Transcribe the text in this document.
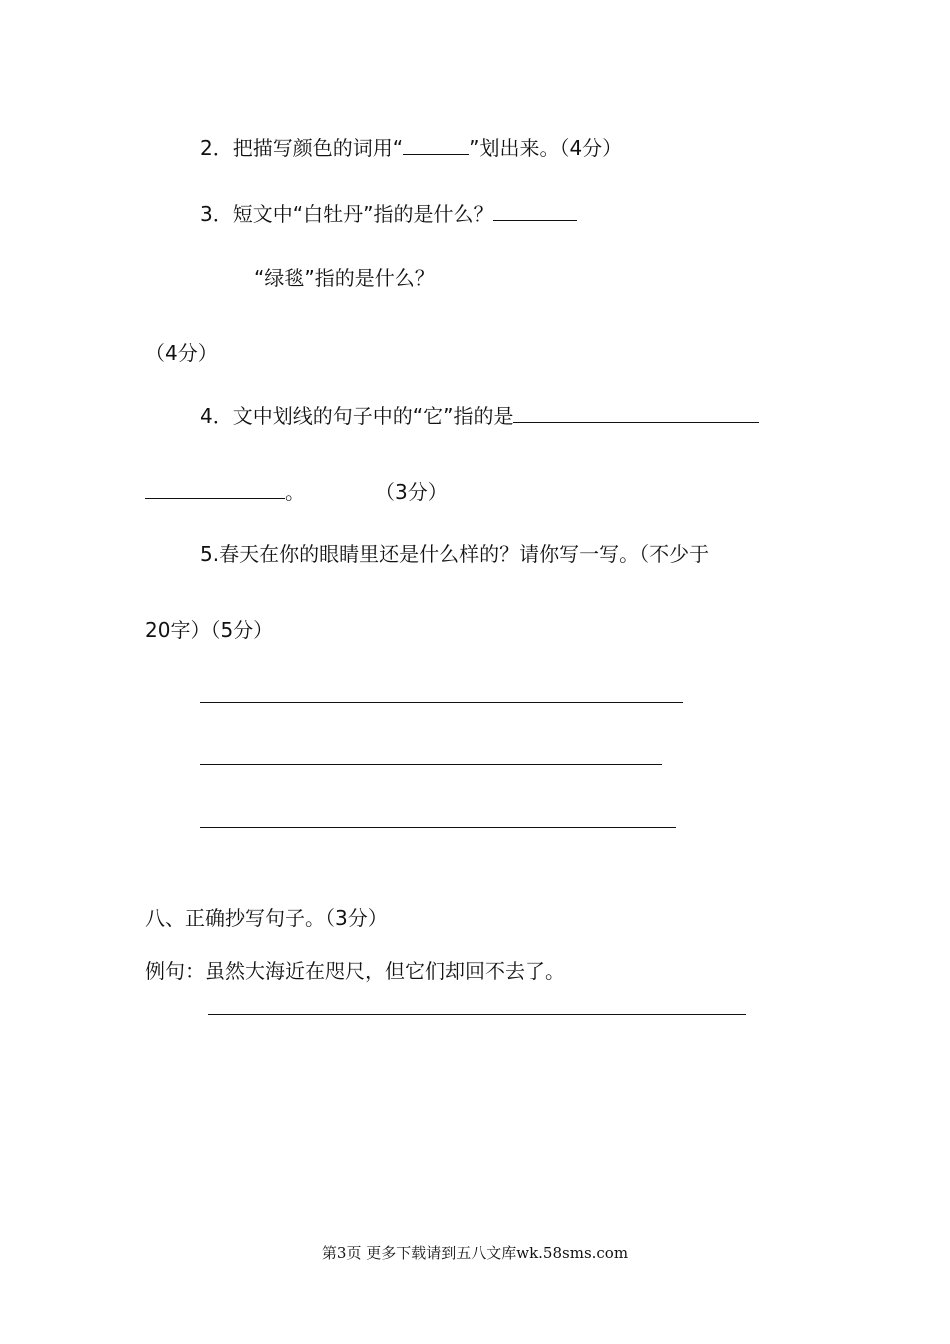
2．把描写颜色的词用“	”划出来。（4分）
3．短文中“白牡丹”指的是什么？
“绿毯”指的是什么？
（4分）
4．文中划线的句子中的“它”指的是
。	（3分）
5.春天在你的眼睛里还是什么样的？请你写一写。（不少于
20字）（5分）
八、正确抄写句子。（3分）
例句：虽然大海近在咫尺，但它们却回不去了。
第3页 更多下载请到五八文库wk.58sms.com
